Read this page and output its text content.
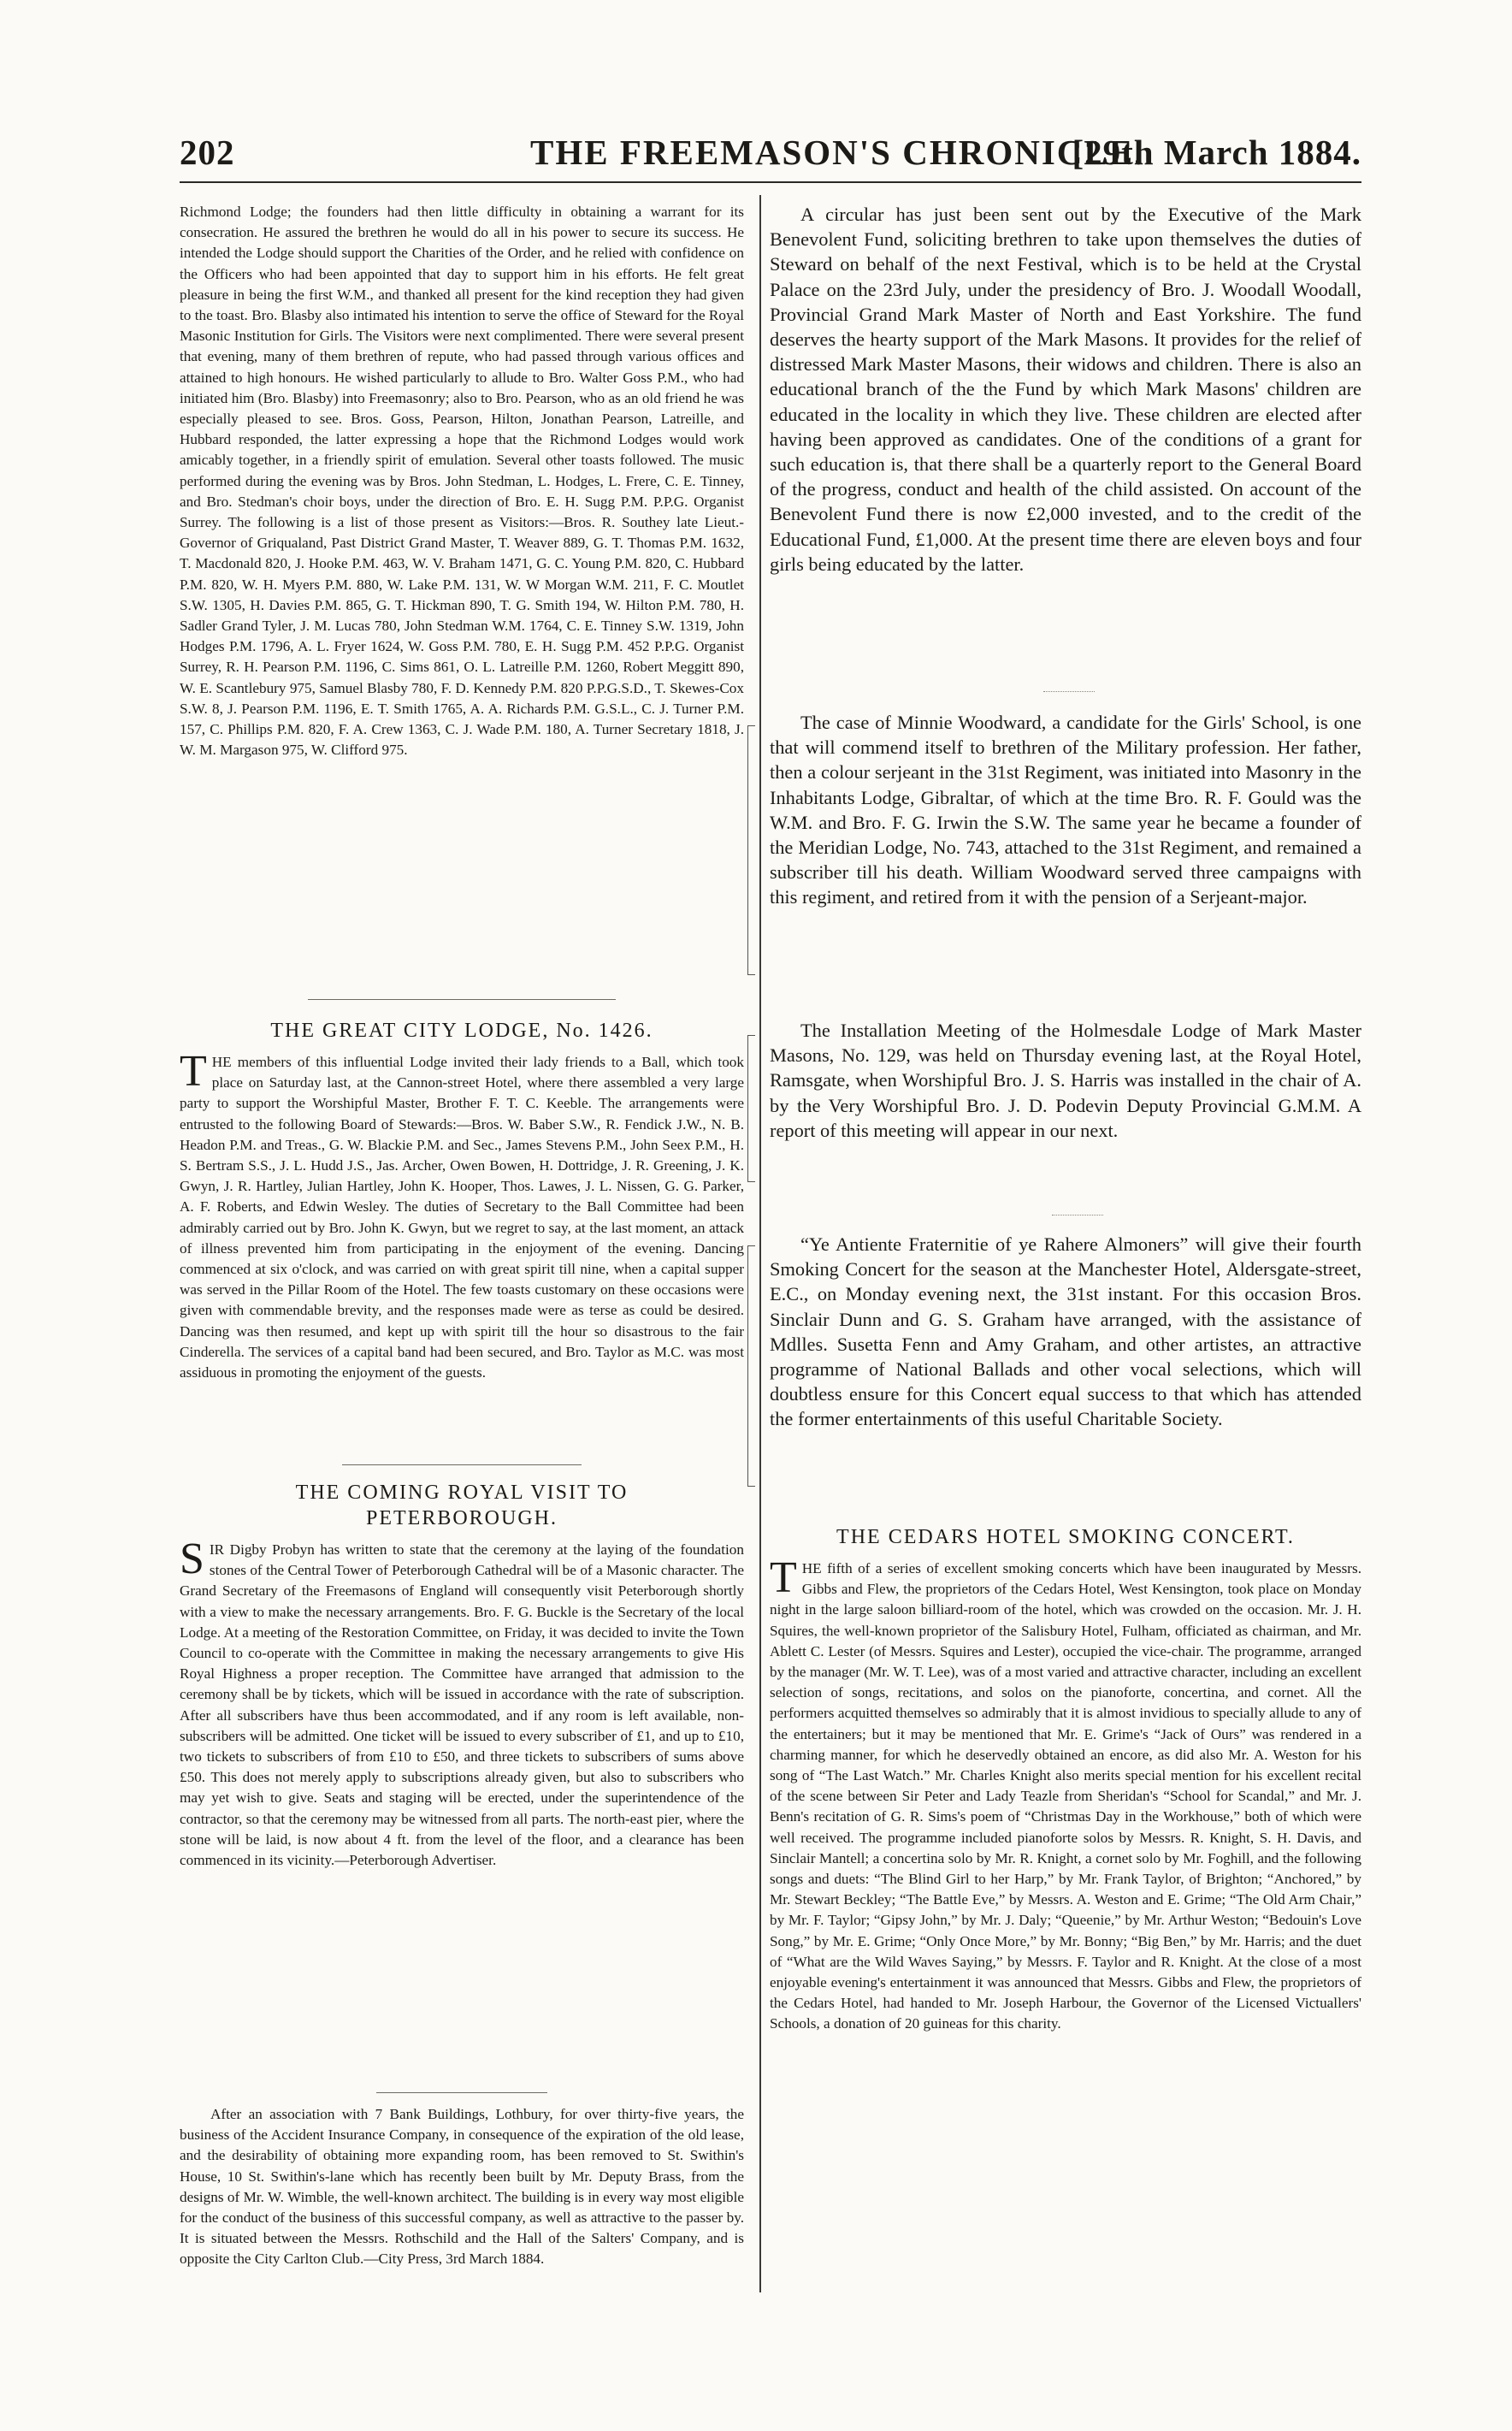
202	THE FREEMASON'S CHRONICLE.
[29th March 1884.

Richmond Lodge; the founders had then little difficulty in obtaining a warrant for its consecration. He assured the brethren he would do all in his power to secure its success. He intended the Lodge should support the Charities of the Order, and he relied with confidence on the Officers who had been appointed that day to support him in his efforts. He felt great pleasure in being the first W.M., and thanked all present for the kind reception they had given to the toast. Bro. Blasby also intimated his intention to serve the office of Steward for the Royal Masonic Institution for Girls. The Visitors were next complimented. There were several present that evening, many of them brethren of repute, who had passed through various offices and attained to high honours. He wished particularly to allude to Bro. Walter Goss P.M., who had initiated him (Bro. Blasby) into Freemasonry; also to Bro. Pearson, who as an old friend he was especially pleased to see. Bros. Goss, Pearson, Hilton, Jonathan Pearson, Latreille, and Hubbard responded, the latter expressing a hope that the Richmond Lodges would work amicably together, in a friendly spirit of emulation. Several other toasts followed. The music performed during the evening was by Bros. John Stedman, L. Hodges, L. Frere, C. E. Tinney, and Bro. Stedman's choir boys, under the direction of Bro. E. H. Sugg P.M. P.P.G. Organist Surrey. The following is a list of those present as Visitors:—Bros. R. Southey late Lieut.-Governor of Griqualand, Past District Grand Master, T. Weaver 889, G. T. Thomas P.M. 1632, T. Macdonald 820, J. Hooke P.M. 463, W. V. Braham 1471, G. C. Young P.M. 820, C. Hubbard P.M. 820, W. H. Myers P.M. 880, W. Lake P.M. 131, W. W Morgan W.M. 211, F. C. Moutlet S.W. 1305, H. Davies P.M. 865, G. T. Hickman 890, T. G. Smith 194, W. Hilton P.M. 780, H. Sadler Grand Tyler, J. M. Lucas 780, John Stedman W.M. 1764, C. E. Tinney S.W. 1319, John Hodges P.M. 1796, A. L. Fryer 1624, W. Goss P.M. 780, E. H. Sugg P.M. 452 P.P.G. Organist Surrey, R. H. Pearson P.M. 1196, C. Sims 861, O. L. Latreille P.M. 1260, Robert Meggitt 890, W. E. Scantlebury 975, Samuel Blasby 780, F. D. Kennedy P.M. 820 P.P.G.S.D., T. Skewes-Cox S.W. 8, J. Pearson P.M. 1196, E. T. Smith 1765, A. A. Richards P.M. G.S.L., C. J. Turner P.M. 157, C. Phillips P.M. 820, F. A. Crew 1363, C. J. Wade P.M. 180, A. Turner Secretary 1818, J. W. M. Margason 975, W. Clifford 975.

THE GREAT CITY LODGE, No. 1426.

THE members of this influential Lodge invited their lady friends to a Ball, which took place on Saturday last, at the Cannon-street Hotel, where there assembled a very large party to support the Worshipful Master, Brother F. T. C. Keeble. The arrangements were entrusted to the following Board of Stewards:—Bros. W. Baber S.W., R. Fendick J.W., N. B. Headon P.M. and Treas., G. W. Blackie P.M. and Sec., James Stevens P.M., John Seex P.M., H. S. Bertram S.S., J. L. Hudd J.S., Jas. Archer, Owen Bowen, H. Dottridge, J. R. Greening, J. K. Gwyn, J. R. Hartley, Julian Hartley, John K. Hooper, Thos. Lawes, J. L. Nissen, G. G. Parker, A. F. Roberts, and Edwin Wesley. The duties of Secretary to the Ball Committee had been admirably carried out by Bro. John K. Gwyn, but we regret to say, at the last moment, an attack of illness prevented him from participating in the enjoyment of the evening. Dancing commenced at six o'clock, and was carried on with great spirit till nine, when a capital supper was served in the Pillar Room of the Hotel. The few toasts customary on these occasions were given with commendable brevity, and the responses made were as terse as could be desired. Dancing was then resumed, and kept up with spirit till the hour so disastrous to the fair Cinderella. The services of a capital band had been secured, and Bro. Taylor as M.C. was most assiduous in promoting the enjoyment of the guests.

THE COMING ROYAL VISIT TO
PETERBOROUGH.

SIR Digby Probyn has written to state that the ceremony at the laying of the foundation stones of the Central Tower of Peterborough Cathedral will be of a Masonic character. The Grand Secretary of the Freemasons of England will consequently visit Peterborough shortly with a view to make the necessary arrangements. Bro. F. G. Buckle is the Secretary of the local Lodge. At a meeting of the Restoration Committee, on Friday, it was decided to invite the Town Council to co-operate with the Committee in making the necessary arrangements to give His Royal Highness a proper reception. The Committee have arranged that admission to the ceremony shall be by tickets, which will be issued in accordance with the rate of subscription. After all subscribers have thus been accommodated, and if any room is left available, non-subscribers will be admitted. One ticket will be issued to every subscriber of £1, and up to £10, two tickets to subscribers of from £10 to £50, and three tickets to subscribers of sums above £50. This does not merely apply to subscriptions already given, but also to subscribers who may yet wish to give. Seats and staging will be erected, under the superintendence of the contractor, so that the ceremony may be witnessed from all parts. The north-east pier, where the stone will be laid, is now about 4 ft. from the level of the floor, and a clearance has been commenced in its vicinity.—Peterborough Advertiser.

After an association with 7 Bank Buildings, Lothbury, for over thirty-five years, the business of the Accident Insurance Company, in consequence of the expiration of the old lease, and the desirability of obtaining more expanding room, has been removed to St. Swithin's House, 10 St. Swithin's-lane which has recently been built by Mr. Deputy Brass, from the designs of Mr. W. Wimble, the well-known architect. The building is in every way most eligible for the conduct of the business of this successful company, as well as attractive to the passer by. It is situated between the Messrs. Rothschild and the Hall of the Salters' Company, and is opposite the City Carlton Club.—City Press, 3rd March 1884.

A circular has just been sent out by the Executive of the Mark Benevolent Fund, soliciting brethren to take upon themselves the duties of Steward on behalf of the next Festival, which is to be held at the Crystal Palace on the 23rd July, under the presidency of Bro. J. Woodall Woodall, Provincial Grand Mark Master of North and East Yorkshire. The fund deserves the hearty support of the Mark Masons. It provides for the relief of distressed Mark Master Masons, their widows and children. There is also an educational branch of the the Fund by which Mark Masons' children are educated in the locality in which they live. These children are elected after having been approved as candidates. One of the conditions of a grant for such education is, that there shall be a quarterly report to the General Board of the progress, conduct and health of the child assisted. On account of the Benevolent Fund there is now £2,000 invested, and to the credit of the Educational Fund, £1,000. At the present time there are eleven boys and four girls being educated by the latter.

The case of Minnie Woodward, a candidate for the Girls' School, is one that will commend itself to brethren of the Military profession. Her father, then a colour serjeant in the 31st Regiment, was initiated into Masonry in the Inhabitants Lodge, Gibraltar, of which at the time Bro. R. F. Gould was the W.M. and Bro. F. G. Irwin the S.W. The same year he became a founder of the Meridian Lodge, No. 743, attached to the 31st Regiment, and remained a subscriber till his death. William Woodward served three campaigns with this regiment, and retired from it with the pension of a Serjeant-major.

The Installation Meeting of the Holmesdale Lodge of Mark Master Masons, No. 129, was held on Thursday evening last, at the Royal Hotel, Ramsgate, when Worshipful Bro. J. S. Harris was installed in the chair of A. by the Very Worshipful Bro. J. D. Podevin Deputy Provincial G.M.M. A report of this meeting will appear in our next.

“Ye Antiente Fraternitie of ye Rahere Almoners” will give their fourth Smoking Concert for the season at the Manchester Hotel, Aldersgate-street, E.C., on Monday evening next, the 31st instant. For this occasion Bros. Sinclair Dunn and G. S. Graham have arranged, with the assistance of Mdlles. Susetta Fenn and Amy Graham, and other artistes, an attractive programme of National Ballads and other vocal selections, which will doubtless ensure for this Concert equal success to that which has attended the former entertainments of this useful Charitable Society.

THE CEDARS HOTEL SMOKING CONCERT.

THE fifth of a series of excellent smoking concerts which have been inaugurated by Messrs. Gibbs and Flew, the proprietors of the Cedars Hotel, West Kensington, took place on Monday night in the large saloon billiard-room of the hotel, which was crowded on the occasion. Mr. J. H. Squires, the well-known proprietor of the Salisbury Hotel, Fulham, officiated as chairman, and Mr. Ablett C. Lester (of Messrs. Squires and Lester), occupied the vice-chair. The programme, arranged by the manager (Mr. W. T. Lee), was of a most varied and attractive character, including an excellent selection of songs, recitations, and solos on the pianoforte, concertina, and cornet. All the performers acquitted themselves so admirably that it is almost invidious to specially allude to any of the entertainers; but it may be mentioned that Mr. E. Grime's “Jack of Ours” was rendered in a charming manner, for which he deservedly obtained an encore, as did also Mr. A. Weston for his song of “The Last Watch.” Mr. Charles Knight also merits special mention for his excellent recital of the scene between Sir Peter and Lady Teazle from Sheridan's “School for Scandal,” and Mr. J. Benn's recitation of G. R. Sims's poem of “Christmas Day in the Workhouse,” both of which were well received. The programme included pianoforte solos by Messrs. R. Knight, S. H. Davis, and Sinclair Mantell; a concertina solo by Mr. R. Knight, a cornet solo by Mr. Foghill, and the following songs and duets: “The Blind Girl to her Harp,” by Mr. Frank Taylor, of Brighton; “Anchored,” by Mr. Stewart Beckley; “The Battle Eve,” by Messrs. A. Weston and E. Grime; “The Old Arm Chair,” by Mr. F. Taylor; “Gipsy John,” by Mr. J. Daly; “Queenie,” by Mr. Arthur Weston; “Bedouin's Love Song,” by Mr. E. Grime; “Only Once More,” by Mr. Bonny; “Big Ben,” by Mr. Harris; and the duet of “What are the Wild Waves Saying,” by Messrs. F. Taylor and R. Knight. At the close of a most enjoyable evening's entertainment it was announced that Messrs. Gibbs and Flew, the proprietors of the Cedars Hotel, had handed to Mr. Joseph Harbour, the Governor of the Licensed Victuallers' Schools, a donation of 20 guineas for this charity.
